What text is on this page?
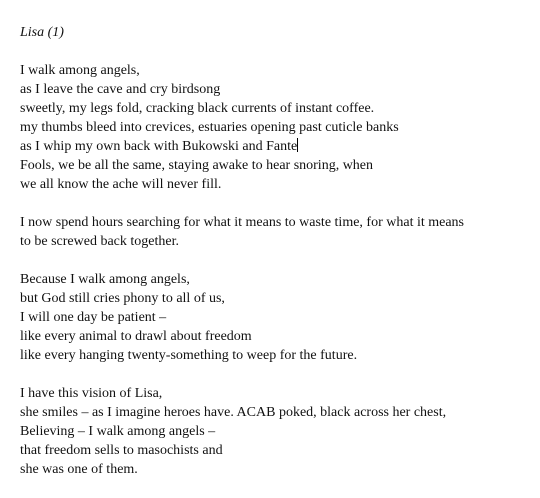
Lisa (1)
I walk among angels,
as I leave the cave and cry birdsong
sweetly, my legs fold, cracking black currents of instant coffee.
my thumbs bleed into crevices, estuaries opening past cuticle banks
as I whip my own back with Bukowski and Fante
Fools, we be all the same, staying awake to hear snoring, when
we all know the ache will never fill.
I now spend hours searching for what it means to waste time, for what it means
to be screwed back together.
Because I walk among angels,
but God still cries phony to all of us,
I will one day be patient –
like every animal to drawl about freedom
like every hanging twenty-something to weep for the future.
I have this vision of Lisa,
she smiles – as I imagine heroes have. ACAB poked, black across her chest,
Believing – I walk among angels –
that freedom sells to masochists and
she was one of them.
